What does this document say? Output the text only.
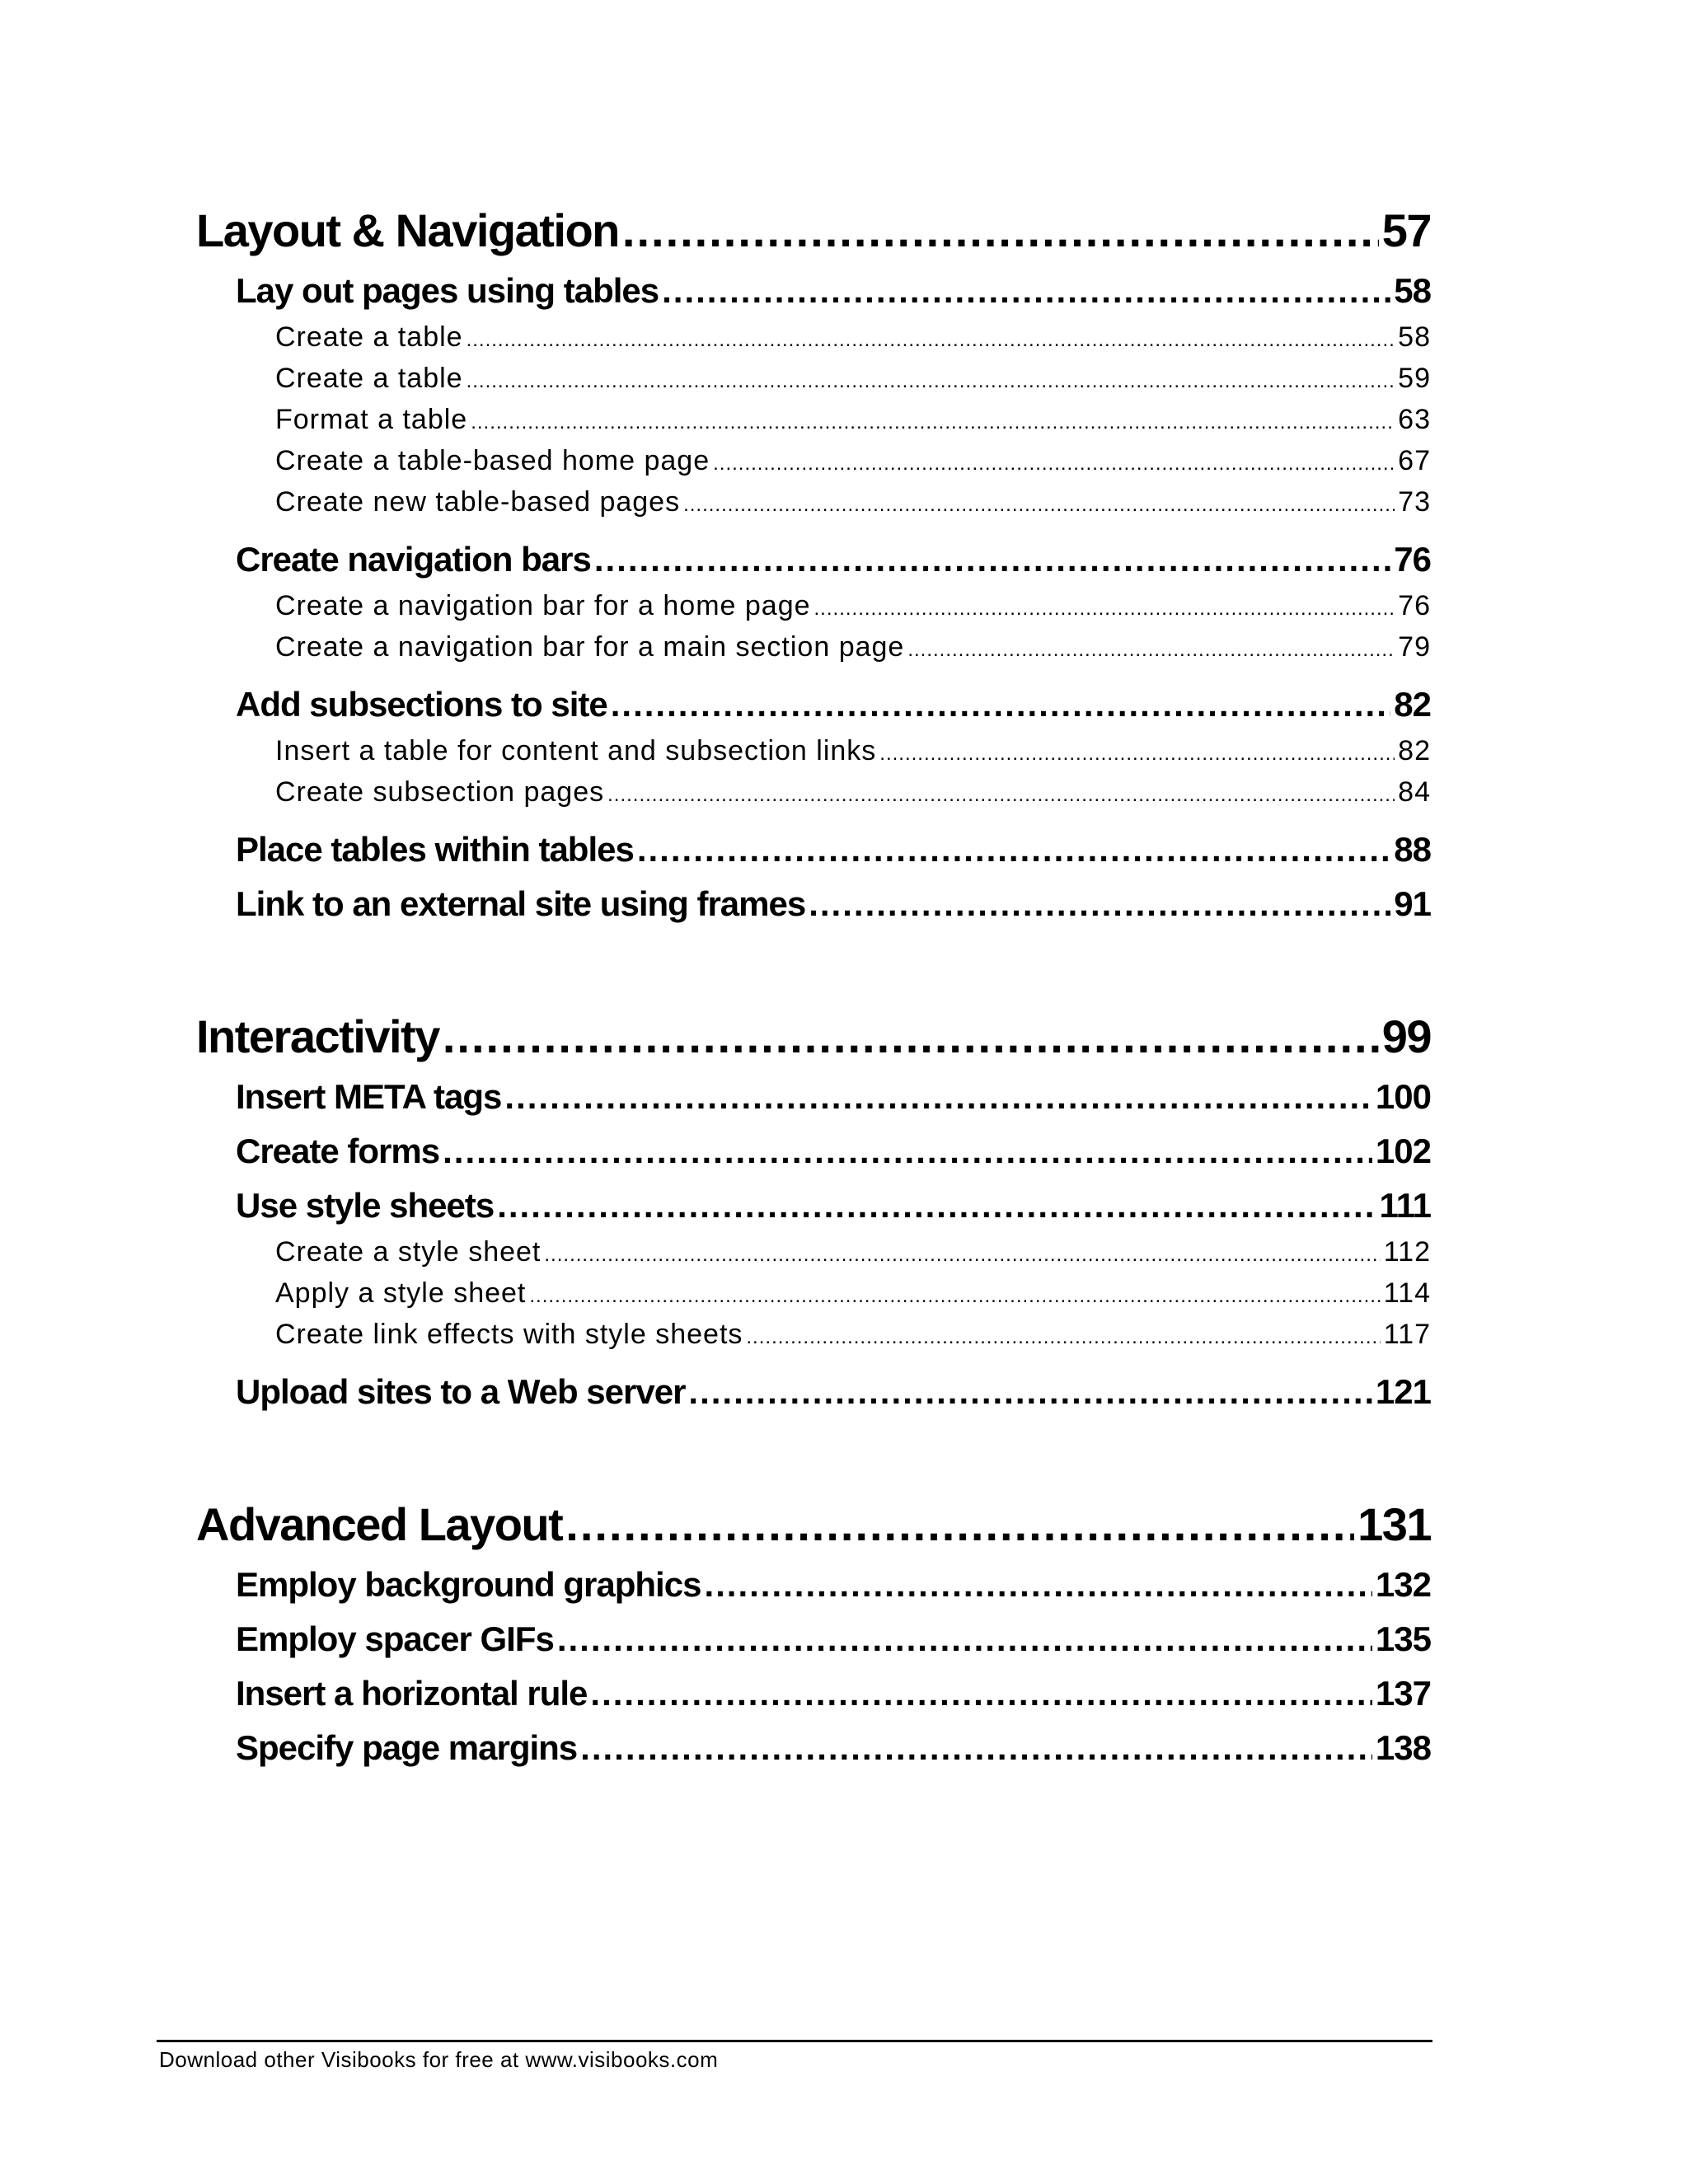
Layout & Navigation .....	57
Lay out pages using tables .....	58
Create a table .....	58
Create a table .....	59
Format a table .....	63
Create a table-based home page .....	67
Create new table-based pages .....	73
Create navigation bars .....	76
Create a navigation bar for a home page .....	76
Create a navigation bar for a main section page .....	79
Add subsections to site .....	82
Insert a table for content and subsection links .....	82
Create subsection pages .....	84
Place tables within tables .....	88
Link to an external site using frames .....	91
Interactivity .....	99
Insert META tags .....	100
Create forms .....	102
Use style sheets .....	111
Create a style sheet .....	112
Apply a style sheet .....	114
Create link effects with style sheets .....	117
Upload sites to a Web server .....	121
Advanced Layout .....	131
Employ background graphics .....	132
Employ spacer GIFs .....	135
Insert a horizontal rule .....	137
Specify page margins .....	138
Download other Visibooks for free at www.visibooks.com
